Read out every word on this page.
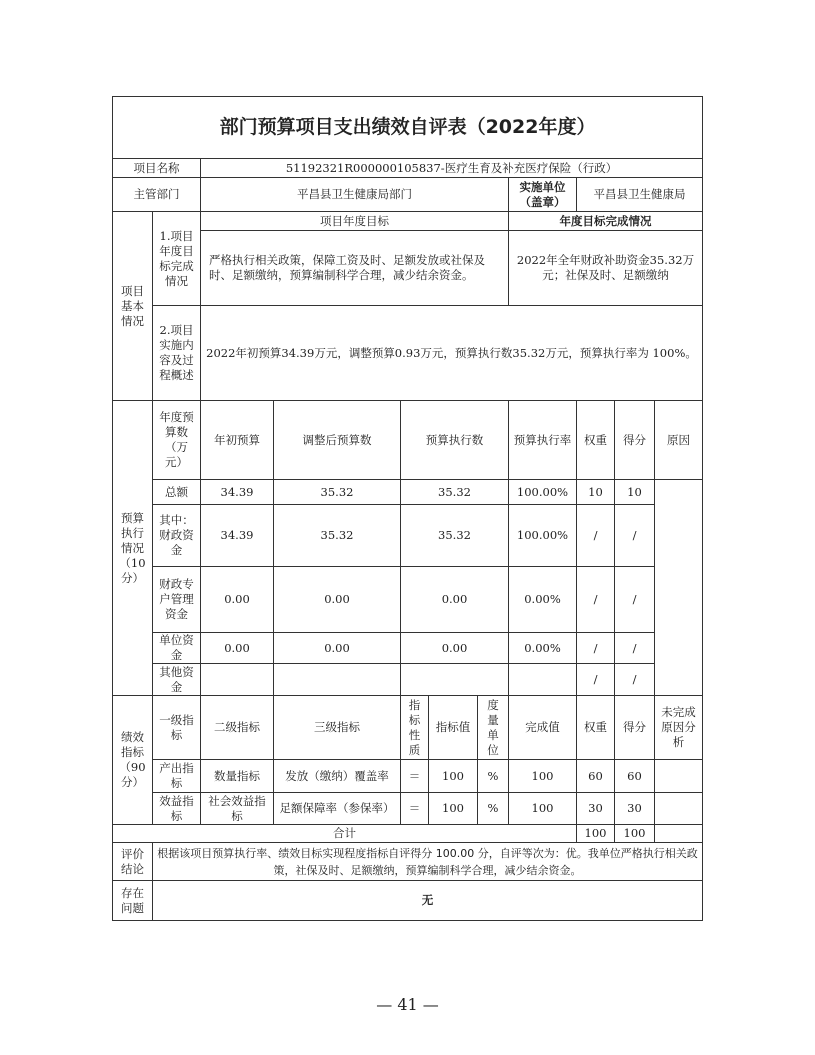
部门预算项目支出绩效自评表（2022年度）										
项目名称		51192321R000000105837-医疗生育及补充医疗保险（行政）								
主管部门		平昌县卫生健康局部门					实施单位（盖章）	平昌县卫生健康局		
项目基本情况	1.项目年度目标完成情况	项目年度目标					年度目标完成情况			
		严格执行相关政策，保障工资及时、足额发放或社保及时、足额缴纳，预算编制科学合理，减少结余资金。					2022年全年财政补助资金35.32万元；社保及时、足额缴纳			
	2.项目实施内容及过程概述	2022年初预算34.39万元，调整预算0.93万元，预算执行数35.32万元，预算执行率为 100%。								
预算执行情况（10分）	年度预算数（万元）	年初预算	调整后预算数	预算执行数			预算执行率	权重	得分	原因
	总额	34.39	35.32	35.32			100.00%	10	10	
	其中：财政资金	34.39	35.32	35.32			100.00%	/	/	
	财政专户管理资金	0.00	0.00	0.00			0.00%	/	/	
	单位资金	0.00	0.00	0.00			0.00%	/	/	
	其他资金							/	/	
绩效指标（90分）	一级指标	二级指标	三级指标	指标性质	指标值	度量单位	完成值	权重	得分	未完成原因分析
	产出指标	数量指标	发放（缴纳）覆盖率	＝	100	%	100	60	60	
	效益指标	社会效益指标	足额保障率（参保率）	＝	100	%	100	30	30	
合计								100	100	
评价结论	根据该项目预算执行率、绩效目标实现程度指标自评得分 100.00 分，自评等次为：优。我单位严格执行相关政策，社保及时、足额缴纳，预算编制科学合理，减少结余资金。									
存在问题	无									
— 41 —
